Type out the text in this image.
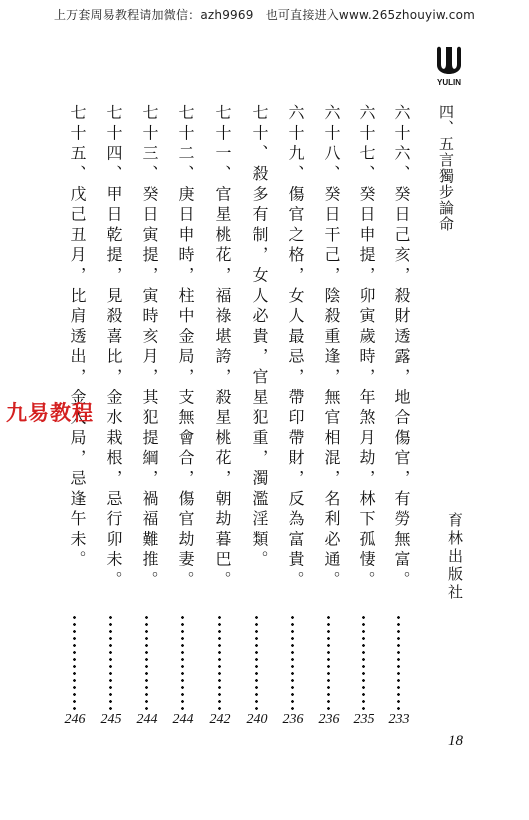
上万套周易教程请加微信：azh9969　也可直接进入www.265zhouyiw.com
YULIN
四、五言獨步論命
育林出版社
六十六、癸日己亥，殺財透露，地合傷官，有勞無富。
233
六十七、癸日申提，卯寅歲時，年煞月劫，林下孤悽。
235
六十八、癸日干己，陰殺重逢，無官相混，名利必通。
236
六十九、傷官之格，女人最忌，帶印帶財，反為富貴。
236
七十、殺多有制，女人必貴，官星犯重，濁濫淫類。
240
七十一、官星桃花，福祿堪誇，殺星桃花，朝劫暮巴。
242
七十二、庚日申時，柱中金局，支無會合，傷官劫妻。
244
七十三、癸日寅提，寅時亥月，其犯提綱，禍福難推。
244
七十四、甲日乾提，見殺喜比，金水栽根，忌行卯未。
245
七十五、戊己丑月，比肩透出，金入局，忌逢午未。
246
九易教程
18
